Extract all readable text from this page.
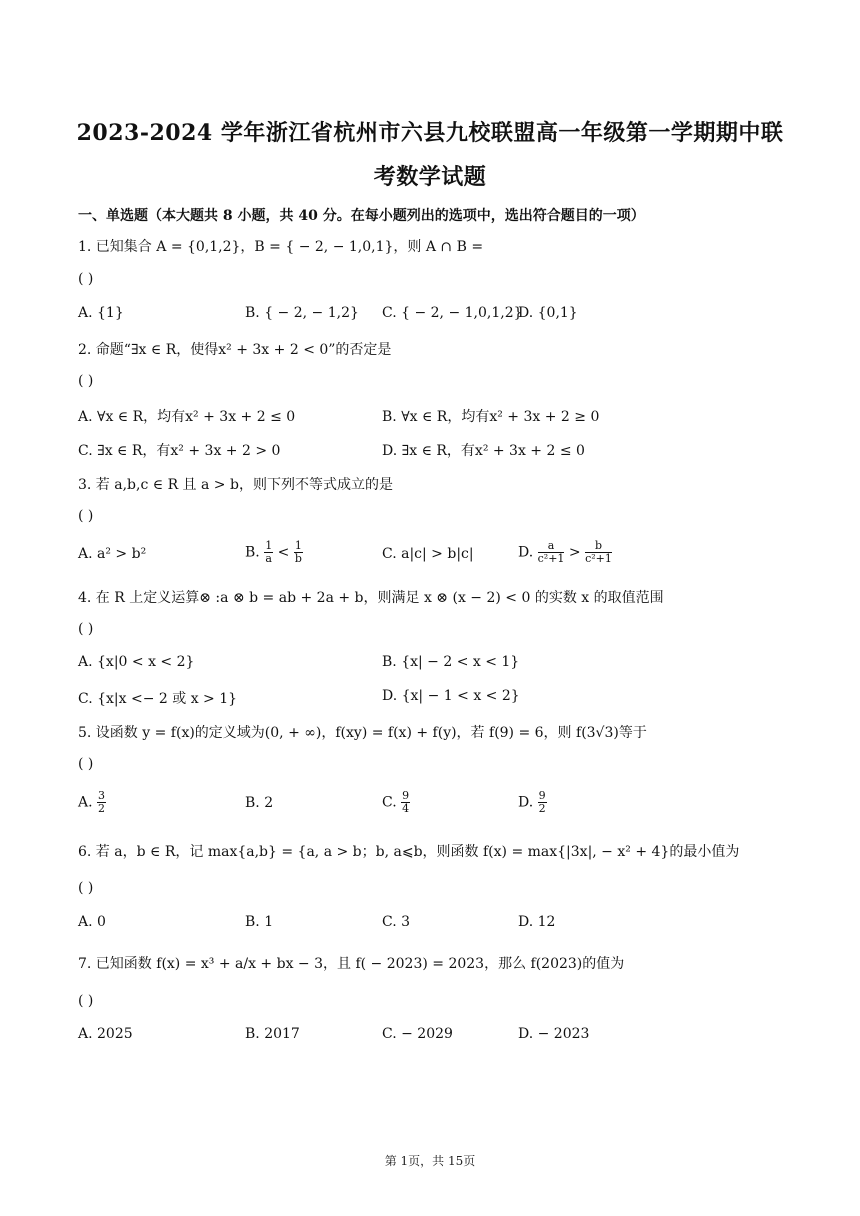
2023-2024 学年浙江省杭州市六县九校联盟高一年级第一学期期中联
考数学试题
一、单选题（本大题共 8 小题，共 40 分。在每小题列出的选项中，选出符合题目的一项）
1. 已知集合 A = {0,1,2}，B = { − 2, − 1,0,1}，则 A ∩ B =
( )
A. {1}	B. { − 2, − 1,2} C. { − 2, − 1,0,1,2}
D. {0,1}
2. 命题“∃x ∈ R，使得x² + 3x + 2 < 0”的否定是
( )
A. ∀x ∈ R，均有x² + 3x + 2 ≤ 0	B. ∀x ∈ R，均有x² + 3x + 2 ≥ 0
C. ∃x ∈ R，有x² + 3x + 2 > 0	D. ∃x ∈ R，有x² + 3x + 2 ≤ 0
3. 若 a,b,c ∈ R 且 a > b，则下列不等式成立的是
( )
A. a² > b²	B. $\frac{1}{a} < \frac{1}{b}$	C. a|c| > b|c|	D. $\frac{a}{\text{c²+1}} > \frac{b}{\text{c²+1}}$
4. 在 R 上定义运算⊗ :a ⊗ b = ab + 2a + b，则满足 x ⊗ (x − 2) < 0 的实数 x 的取值范围
( )
A. {x|0 < x < 2}	B. {x| − 2 < x < 1}
C. {x|x <− 2 或 x > 1}	D. {x| − 1 < x < 2}
5. 设函数 y = f(x)的定义域为(0, + ∞)，f(xy) = f(x) + f(y)，若 f(9) = 6，则 f(3√3)等于
( )
A. $\frac{3}{2}$	B. 2	C. $\frac{9}{4}$	D. $\frac{9}{2}$
6. 若 a，b ∈ R，记 max{a,b} = {a, a > b；b, a⩽b，则函数 f(x) = max{|3x|, − x² + 4}的最小值为
( )
A. 0	B. 1	C. 3	D. 12
7. 已知函数 f(x) = x³ + a/x + bx − 3，且 f( − 2023) = 2023，那么 f(2023)的值为
( )
A. 2025	B. 2017	C. − 2029	D. − 2023
第 1页，共 15页
